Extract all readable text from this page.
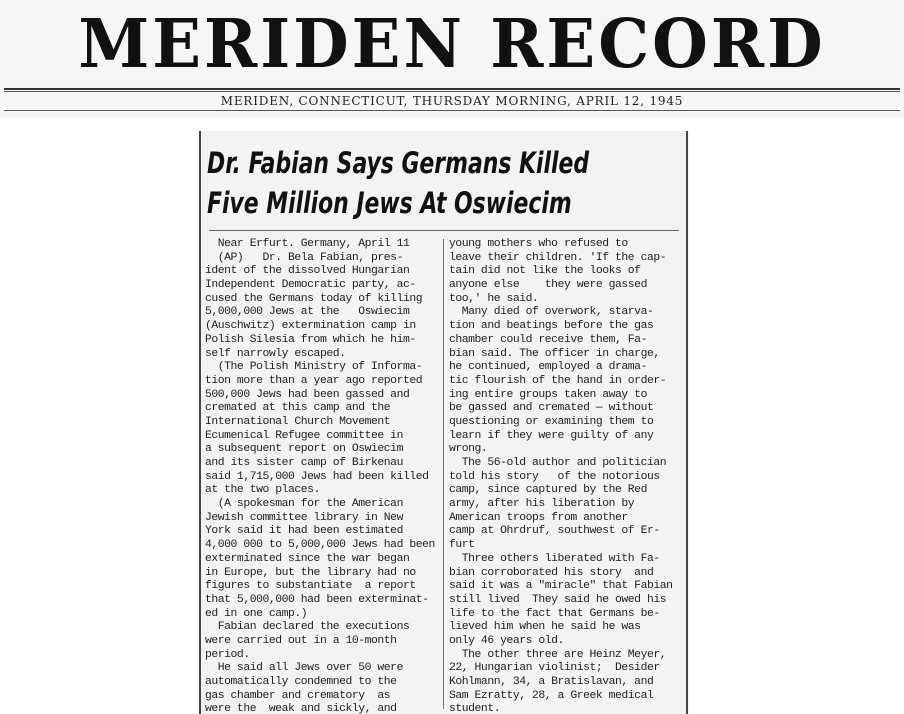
MERIDEN RECORD
MERIDEN, CONNECTICUT, THURSDAY MORNING, APRIL 12, 1945
Dr. Fabian Says Germans Killed
Five Million Jews At Oswiecim
Near Erfurt. Germany, April 11
(AP)   Dr. Bela Fabian, pres-
ident of the dissolved Hungarian
Independent Democratic party, ac-
cused the Germans today of killing
5,000,000 Jews at the   Oswiecim
(Auschwitz) extermination camp in
Polish Silesia from which he him-
self narrowly escaped.
(The Polish Ministry of Informa-
tion more than a year ago reported
500,000 Jews had been gassed and
cremated at this camp and the
International Church Movement
Ecumenical Refugee committee in
a subsequent report on Oswiecim
and its sister camp of Birkenau
said 1,715,000 Jews had been killed
at the two places.
(A spokesman for the American
Jewish committee library in New
York said it had been estimated
4,000 000 to 5,000,000 Jews had been
exterminated since the war began
in Europe, but the library had no
figures to substantiate  a report
that 5,000,000 had been exterminat-
ed in one camp.)
Fabian declared the executions
were carried out in a 10-month
period.
He said all Jews over 50 were
automatically condemned to the
gas chamber and crematory  as
were the  weak and sickly, and
young mothers who refused to
leave their children. 'If the cap-
tain did not like the looks of
anyone else    they were gassed
too,' he said.
Many died of overwork, starva-
tion and beatings before the gas
chamber could receive them, Fa-
bian said. The officer in charge,
he continued, employed a drama-
tic flourish of the hand in order-
ing entire groups taken away to
be gassed and cremated — without
questioning or examining them to
learn if they were guilty of any
wrong.
The 56-old author and politician
told his story   of the notorious
camp, since captured by the Red
army, after his liberation by
American troops from another
camp at Ohrdruf, southwest of Er-
furt
Three others liberated with Fa-
bian corroborated his story  and
said it was a "miracle" that Fabian
still lived  They said he owed his
life to the fact that Germans be-
lieved him when he said he was
only 46 years old.
The other three are Heinz Meyer,
22, Hungarian violinist;  Desider
Kohlmann, 34, a Bratislavan, and
Sam Ezratty, 28, a Greek medical
student.
